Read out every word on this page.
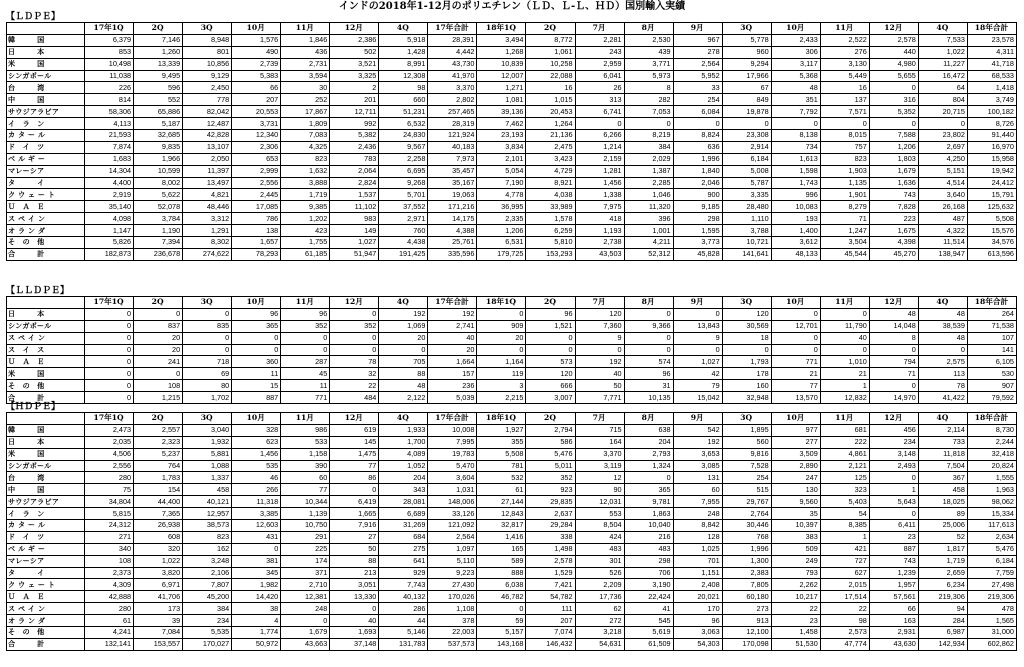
インドの2018年1-12月のポリエチレン（ＬＤ、Ｌ-Ｌ、ＨＤ）国別輸入実績
【ＬＤＰＥ】
	17年1Q	2Q	3Q	10月	11月	12月	4Q	17年合計	18年1Q	2Q	7月	8月	9月	3Q	10月	11月	12月	4Q	18年合計
韓　　　国	6,379	7,146	8,948	1,576	1,846	2,386	5,918	28,391	3,494	8,772	2,281	2,530	967	5,778	2,433	2,522	2,578	7,533	23,578
日　　　本	853	1,260	801	490	436	502	1,428	4,442	1,268	1,061	243	439	278	960	306	276	440	1,022	4,311
米　　　国	10,498	13,339	10,856	2,739	2,731	3,521	8,991	43,730	10,839	10,258	2,959	3,771	2,564	9,294	3,117	3,130	4,980	11,227	41,718
シンガポール	11,038	9,495	9,129	5,383	3,594	3,325	12,308	41,970	12,007	22,088	6,041	5,973	5,952	17,966	5,368	5,449	5,655	16,472	68,533
台　　　湾	226	596	2,450	66	30	2	98	3,370	1,271	16	26	8	33	67	48	16	0	64	1,418
中　　　国	814	552	778	207	252	201	660	2,802	1,081	1,015	313	282	254	849	351	137	316	804	3,749
サウジアラビア	58,306	65,886	82,042	20,553	17,867	12,711	51,231	257,465	39,136	20,453	6,741	7,053	6,084	19,878	7,792	7,571	5,352	20,715	100,182
イ　ラ　ン	4,113	5,187	12,487	3,731	1,809	992	6,532	28,319	7,462	1,264	0	0	0	0	0	0	0	0	8,726
カ タ ー ル	21,593	32,685	42,828	12,340	7,083	5,382	24,830	121,924	23,193	21,136	6,266	8,219	8,824	23,308	8,138	8,015	7,588	23,802	91,440
ド　イ　ツ	7,874	9,835	13,107	2,306	4,325	2,436	9,567	40,183	3,834	2,475	1,214	384	636	2,914	734	757	1,206	2,697	16,970
ベ ル ギ ー	1,683	1,966	2,050	653	823	783	2,258	7,973	2,101	3,423	2,159	2,029	1,996	6,184	1,613	823	1,803	4,250	15,958
マレーシア	14,304	10,599	11,397	2,999	1,632	2,064	6,695	35,457	5,054	4,729	1,281	1,387	1,840	5,008	1,598	1,903	1,679	5,151	19,942
タ　　　イ	4,400	8,002	13,497	2,556	3,888	2,824	9,268	35,167	7,190	8,921	1,456	2,285	2,046	5,787	1,743	1,135	1,636	4,514	24,412
ク ウ ェ ー ト	2,919	5,622	4,821	2,445	1,719	1,537	5,701	19,063	4,778	4,038	1,338	1,046	900	3,335	996	1,901	743	3,640	15,791
Ｕ　Ａ　Ｅ	35,140	52,078	48,446	17,085	9,385	11,102	37,552	171,216	36,995	33,989	7,975	11,320	9,185	28,480	10,083	8,279	7,828	26,168	125,632
ス ペ イ ン	4,098	3,784	3,312	786	1,202	983	2,971	14,175	2,335	1,578	418	396	298	1,110	193	71	223	487	5,508
オ ラ ン ダ	1,147	1,190	1,291	138	423	149	760	4,388	1,206	6,259	1,193	1,001	1,595	3,788	1,400	1,247	1,675	4,322	15,576
そ　の　他	5,826	7,394	8,302	1,657	1,755	1,027	4,438	25,761	6,531	5,810	2,738	4,211	3,773	10,721	3,612	3,504	4,398	11,514	34,576
合　　　計	182,873	236,678	274,622	78,293	61,185	51,947	191,425	335,596	179,725	153,293	43,503	52,312	45,828	141,641	48,133	45,544	45,270	138,947	613,596
【ＬＬＤＰＥ】
	17年1Q	2Q	3Q	10月	11月	12月	4Q	17年合計	18年1Q	2Q	7月	8月	9月	3Q	10月	11月	12月	4Q	18年合計
日　　　本	0	0	0	96	96	0	192	192	0	96	120	0	0	120	0	0	48	48	264
シンガポール	0	837	835	365	352	352	1,069	2,741	909	1,521	7,360	9,366	13,843	30,569	12,701	11,790	14,048	38,539	71,538
ス ペ イ ン	0	20	0	0	0	0	20	40	20	0	9	0	9	18	0	40	8	48	107
ス　イ　ス	0	20	0	0	0	0	0	20	0	0	0	0	0	0	0	0	0	0	141
Ｕ　Ａ　Ｅ	0	241	718	360	287	78	705	1,664	1,164	573	192	574	1,027	1,793	771	1,010	794	2,575	6,105
米　　　国	0	0	69	11	45	32	88	157	119	120	40	96	42	178	21	21	71	113	530
そ　の　他	0	108	80	15	11	22	48	236	3	666	50	31	79	160	77	1	0	78	907
合　　　計	0	1,215	1,702	887	771	484	2,122	5,039	2,215	3,007	7,771	10,135	15,042	32,948	13,570	12,832	14,970	41,422	79,592
【ＨＤＰＥ】
	17年1Q	2Q	3Q	10月	11月	12月	4Q	17年合計	18年1Q	2Q	7月	8月	9月	3Q	10月	11月	12月	4Q	18年合計
韓　　　国	2,473	2,557	3,040	328	986	619	1,933	10,008	1,927	2,794	715	638	542	1,895	977	681	456	2,114	8,730
日　　　本	2,035	2,323	1,932	623	533	145	1,700	7,995	355	586	164	204	192	560	277	222	234	733	2,244
米　　　国	4,506	5,237	5,881	1,456	1,158	1,475	4,089	19,783	5,508	5,476	3,370	2,793	3,653	9,816	3,509	4,861	3,148	11,818	32,418
シンガポール	2,556	764	1,088	535	390	77	1,052	5,470	781	5,011	3,119	1,324	3,085	7,528	2,890	2,121	2,493	7,504	20,824
台　　　湾	280	1,783	1,337	46	60	86	204	3,604	532	352	12	0	131	254	247	125	0	367	1,555
中　　　国	75	154	458	266	77	0	343	1,031	61	923	90	365	60	515	130	323	1	458	1,963
サウジアラビア	34,804	44,400	40,121	11,318	10,344	6,419	28,081	148,006	27,144	29,835	12,031	9,781	7,955	29,767	9,560	5,403	5,643	18,025	98,062
イ　ラ　ン	5,815	7,365	12,957	3,385	1,139	1,665	6,689	33,126	12,843	2,637	553	1,863	248	2,764	35	54	0	89	15,334
カ タ ー ル	24,312	26,938	38,573	12,603	10,750	7,916	31,269	121,092	32,817	29,284	8,504	10,040	8,842	30,446	10,397	8,385	6,411	25,006	117,613
ド　イ　ツ	271	608	823	431	291	27	684	2,564	1,416	338	424	216	128	768	383	1	23	52	2,634
ベ ル ギ ー	340	320	162	0	225	50	275	1,097	165	1,498	483	483	1,025	1,996	509	421	887	1,817	5,476
マレーシア	108	1,022	3,248	381	174	88	641	5,110	589	2,578	301	298	701	1,300	249	727	743	1,719	6,184
タ　　　イ	2,373	3,820	2,106	345	371	213	929	9,223	888	1,529	526	706	1,151	2,383	793	627	1,239	2,659	7,759
ク ウ ェ ー ト	4,309	6,971	7,807	1,982	2,710	3,051	7,743	27,430	6,038	7,421	2,209	3,190	2,408	7,805	2,262	2,015	1,957	6,234	27,498
Ｕ　Ａ　Ｅ	42,888	41,706	45,200	14,420	12,381	13,330	40,132	170,026	46,782	54,782	17,736	22,424	20,021	60,180	10,217	17,514	57,561	219,306	219,306
ス ペ イ ン	280	173	384	38	248	0	286	1,108	0	111	62	41	170	273	22	22	66	94	478
オ ラ ン ダ	61	39	234	4	0	40	44	378	59	207	272	545	96	913	23	98	163	284	1,565
そ　の　他	4,241	7,084	5,535	1,774	1,679	1,693	5,146	22,003	5,157	7,074	3,218	5,619	3,063	12,100	1,458	2,573	2,931	6,987	31,000
合　　　計	132,141	153,557	170,027	50,972	43,663	37,148	131,783	537,573	143,168	146,432	54,631	61,509	54,303	170,098	51,530	47,774	43,630	142,934	602,862
